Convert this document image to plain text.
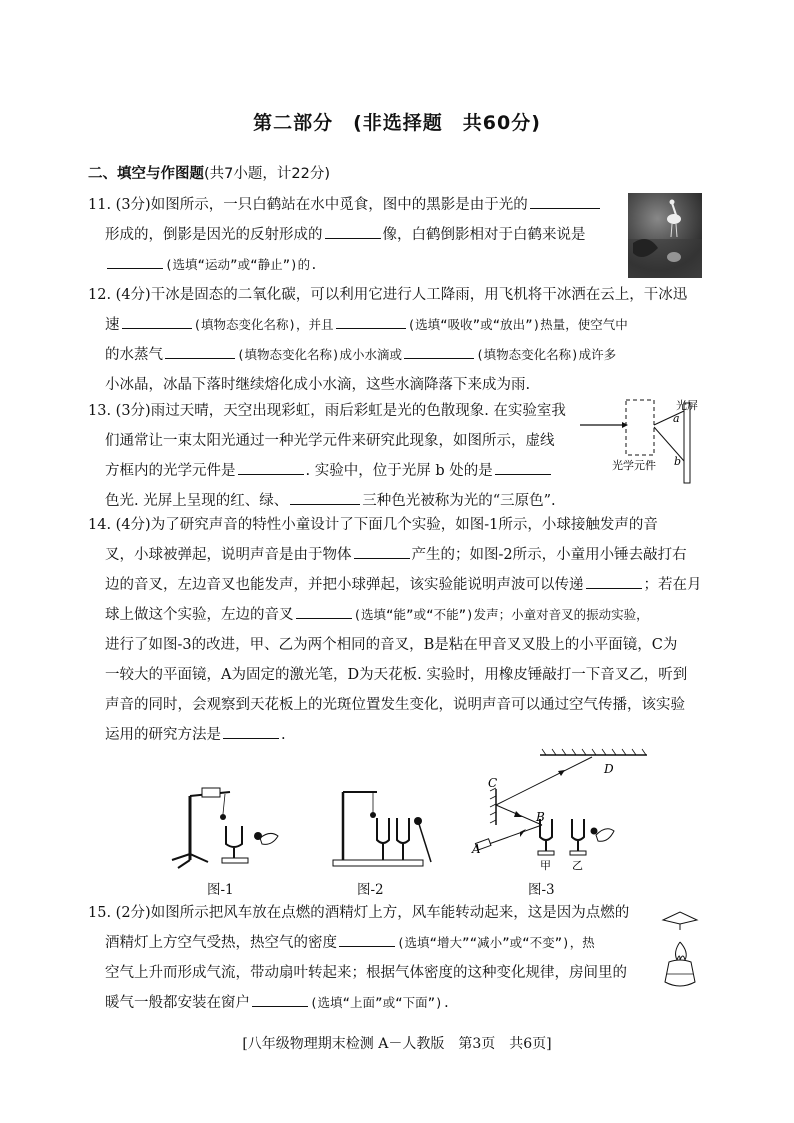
第二部分　(非选择题　共60分)
二、填空与作图题(共7小题，计22分)
11. (3分)如图所示，一只白鹤站在水中觅食，图中的黑影是由于光的
形成的，倒影是因光的反射形成的	像，白鹤倒影相对于白鹤来说是
(选填“运动”或“静止”)的.
12. (4分)干冰是固态的二氧化碳，可以利用它进行人工降雨，用飞机将干冰洒在云上，干冰迅
速	(填物态变化名称)，并且	(选填“吸收”或“放出”)热量，使空气中
的水蒸气	(填物态变化名称)成小水滴或	(填物态变化名称)成许多
小冰晶，冰晶下落时继续熔化成小水滴，这些水滴降落下来成为雨.
13. (3分)雨过天晴，天空出现彩虹，雨后彩虹是光的色散现象. 在实验室我
们通常让一束太阳光通过一种光学元件来研究此现象，如图所示，虚线
方框内的光学元件是	. 实验中，位于光屏 b 处的是
色光. 光屏上呈现的红、绿、	三种色光被称为光的“三原色”.
光屏
a
b
光学元件
14. (4分)为了研究声音的特性小童设计了下面几个实验，如图-1所示，小球接触发声的音
叉，小球被弹起，说明声音是由于物体	产生的；如图-2所示，小童用小锤去敲打右
边的音叉，左边音叉也能发声，并把小球弹起，该实验能说明声波可以传递	；若在月
球上做这个实验，左边的音叉	(选填“能”或“不能”)发声；小童对音叉的振动实验，
进行了如图-3的改进，甲、乙为两个相同的音叉，B是粘在甲音叉叉股上的小平面镜，C为
一较大的平面镜，A为固定的激光笔，D为天花板. 实验时，用橡皮锤敲打一下音叉乙，听到
声音的同时，会观察到天花板上的光斑位置发生变化，说明声音可以通过空气传播，该实验
运用的研究方法是	.
图-1	图-2
C
D
B
A
甲 乙
图-3
15. (2分)如图所示把风车放在点燃的酒精灯上方，风车能转动起来，这是因为点燃的
酒精灯上方空气受热，热空气的密度	(选填“增大”“减小”或“不变”)，热
空气上升而形成气流，带动扇叶转起来；根据气体密度的这种变化规律，房间里的
暖气一般都安装在窗户	(选填“上面”或“下面”).
[八年级物理期末检测 A－人教版　第3页　共6页]
